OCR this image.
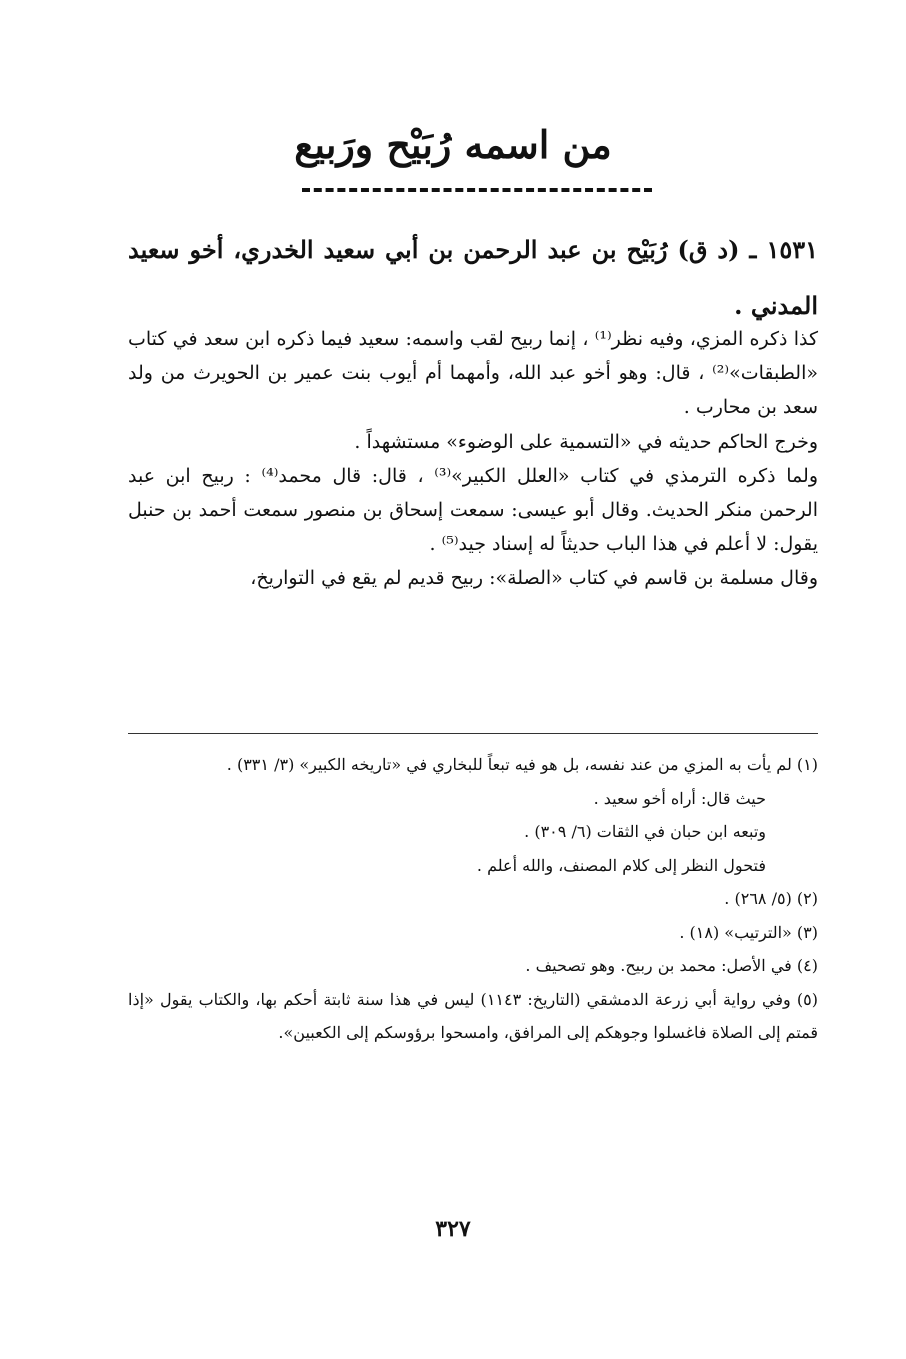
من اسمه رُبَيْح ورَبيع
١٥٣١ ـ (د ق) رُبَيْح بن عبد الرحمن بن أبي سعيد الخدري، أخو سعيد المدني .

كذا ذكره المزي، وفيه نظر⁽¹⁾ ، إنما ربيح لقب واسمه: سعيد فيما ذكره ابن سعد في كتاب «الطبقات»⁽²⁾ ، قال: وهو أخو عبد الله، وأمهما أم أيوب بنت عمير بن الحويرث من ولد سعد بن محارب .

وخرج الحاكم حديثه في «التسمية على الوضوء» مستشهداً .

ولما ذكره الترمذي في كتاب «العلل الكبير»⁽³⁾ ، قال: قال محمد⁽⁴⁾ : ربيح ابن عبد الرحمن منكر الحديث. وقال أبو عيسى: سمعت إسحاق بن منصور سمعت أحمد بن حنبل يقول: لا أعلم في هذا الباب حديثاً له إسناد جيد⁽⁵⁾ .

وقال مسلمة بن قاسم في كتاب «الصلة»: ربيح قديم لم يقع في التواريخ،

(١) لم يأت به المزي من عند نفسه، بل هو فيه تبعاً للبخاري في «تاريخه الكبير» (٣/ ٣٣١) .

حيث قال: أراه أخو سعيد .

وتبعه ابن حبان في الثقات (٦/ ٣٠٩) .

فتحول النظر إلى كلام المصنف، والله أعلم .

(٢) (٥/ ٢٦٨) .

(٣) «الترتيب» (١٨) .

(٤) في الأصل: محمد بن ربيح. وهو تصحيف .

(٥) وفي رواية أبي زرعة الدمشقي (التاريخ: ١١٤٣) ليس في هذا سنة ثابتة أحكم بها، والكتاب يقول «إذا قمتم إلى الصلاة فاغسلوا وجوهكم إلى المرافق، وامسحوا برؤوسكم إلى الكعبين».

٣٢٧
